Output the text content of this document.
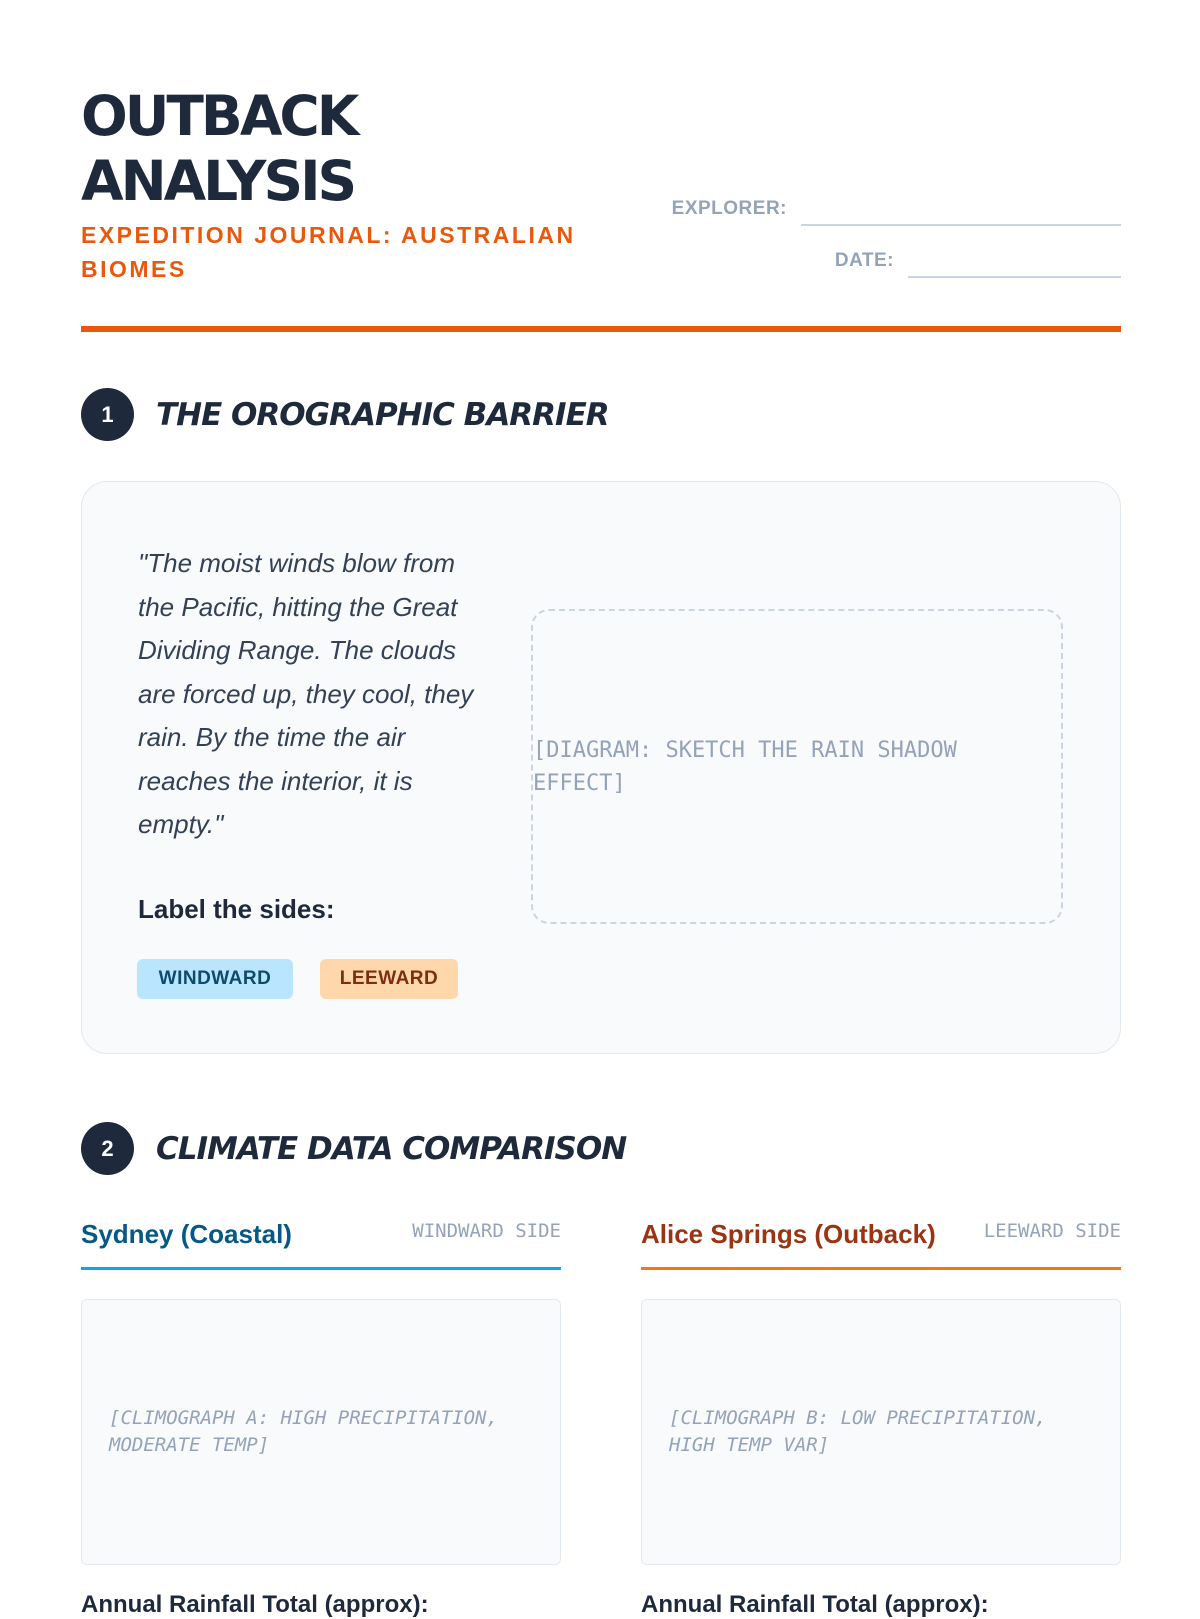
OUTBACK
ANALYSIS
EXPEDITION JOURNAL: AUSTRALIAN BIOMES
EXPLORER:
DATE:
1	THE OROGRAPHIC BARRIER

"The moist winds blow from the Pacific, hitting the Great Dividing Range. The clouds are forced up, they cool, they rain. By the time the air reaches the interior, it is empty."

Label the sides:
WINDWARD	LEEWARD
[DIAGRAM: SKETCH THE RAIN SHADOW EFFECT]
2	CLIMATE DATA COMPARISON
Sydney (Coastal)	WINDWARD SIDE
[CLIMOGRAPH A: HIGH PRECIPITATION, MODERATE TEMP]
Annual Rainfall Total (approx):
Alice Springs (Outback)	LEEWARD SIDE
[CLIMOGRAPH B: LOW PRECIPITATION, HIGH TEMP VAR]
Annual Rainfall Total (approx):
